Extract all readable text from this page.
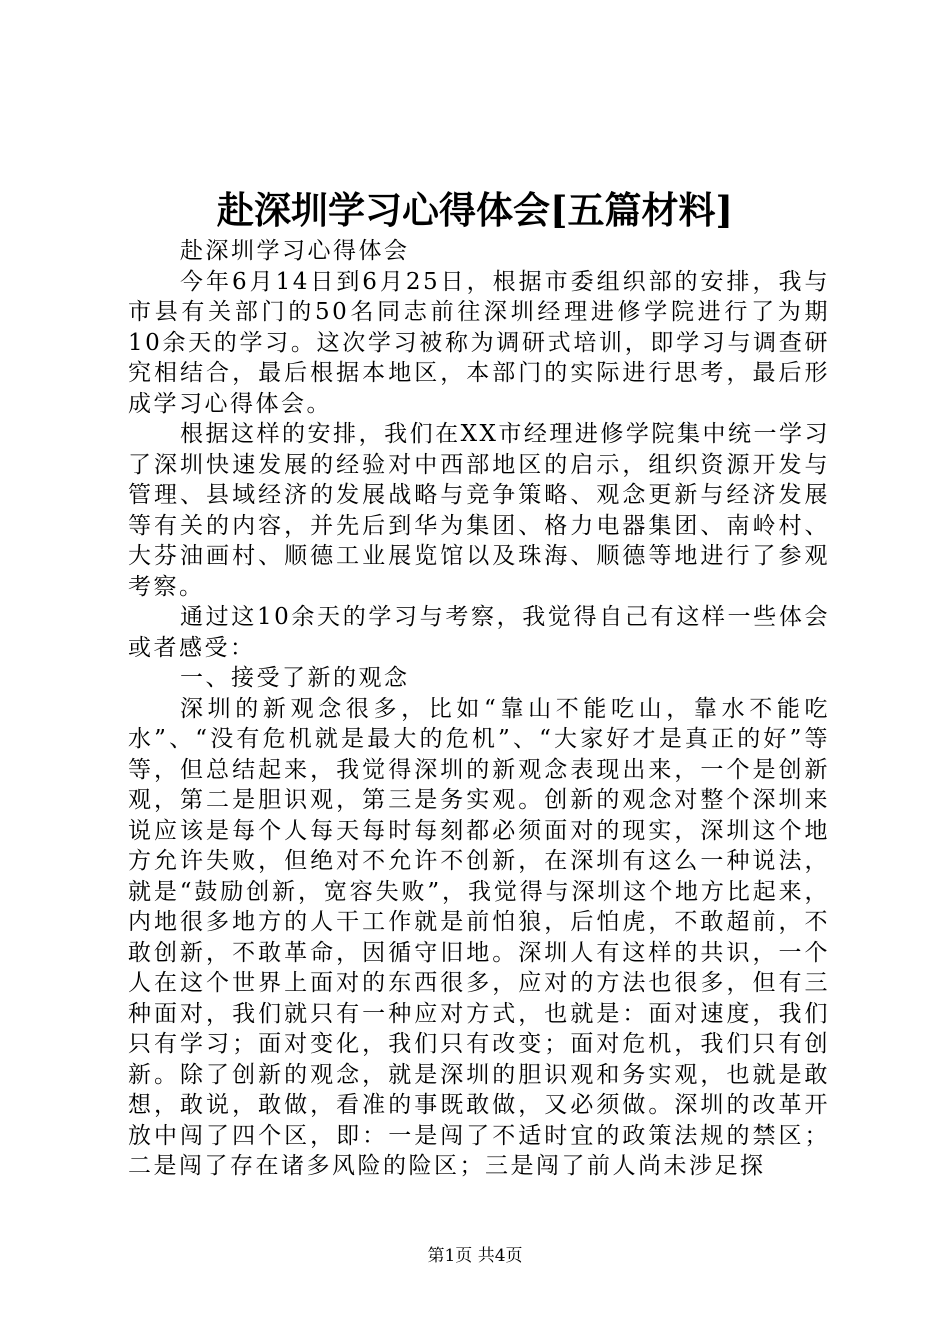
赴深圳学习心得体会[五篇材料]

赴深圳学习心得体会

今年6月14日到6月25日，根据市委组织部的安排，我与市县有关部门的50名同志前往深圳经理进修学院进行了为期10余天的学习。这次学习被称为调研式培训，即学习与调查研究相结合，最后根据本地区，本部门的实际进行思考，最后形成学习心得体会。

根据这样的安排，我们在XX市经理进修学院集中统一学习了深圳快速发展的经验对中西部地区的启示，组织资源开发与管理、县域经济的发展战略与竞争策略、观念更新与经济发展等有关的内容，并先后到华为集团、格力电器集团、南岭村、大芬油画村、顺德工业展览馆以及珠海、顺德等地进行了参观考察。

通过这10余天的学习与考察，我觉得自己有这样一些体会或者感受：

一、接受了新的观念

深圳的新观念很多，比如“靠山不能吃山，靠水不能吃水”、“没有危机就是最大的危机”、“大家好才是真正的好”等等，但总结起来，我觉得深圳的新观念表现出来，一个是创新观，第二是胆识观，第三是务实观。创新的观念对整个深圳来说应该是每个人每天每时每刻都必须面对的现实，深圳这个地方允许失败，但绝对不允许不创新，在深圳有这么一种说法，就是“鼓励创新，宽容失败”，我觉得与深圳这个地方比起来，内地很多地方的人干工作就是前怕狼，后怕虎，不敢超前，不敢创新，不敢革命，因循守旧地。深圳人有这样的共识，一个人在这个世界上面对的东西很多，应对的方法也很多，但有三种面对，我们就只有一种应对方式，也就是：面对速度，我们只有学习；面对变化，我们只有改变；面对危机，我们只有创新。除了创新的观念，就是深圳的胆识观和务实观，也就是敢想，敢说，敢做，看准的事既敢做，又必须做。深圳的改革开放中闯了四个区，即：一是闯了不适时宜的政策法规的禁区；二是闯了存在诸多风险的险区；三是闯了前人尚未涉足探

第1页 共4页
